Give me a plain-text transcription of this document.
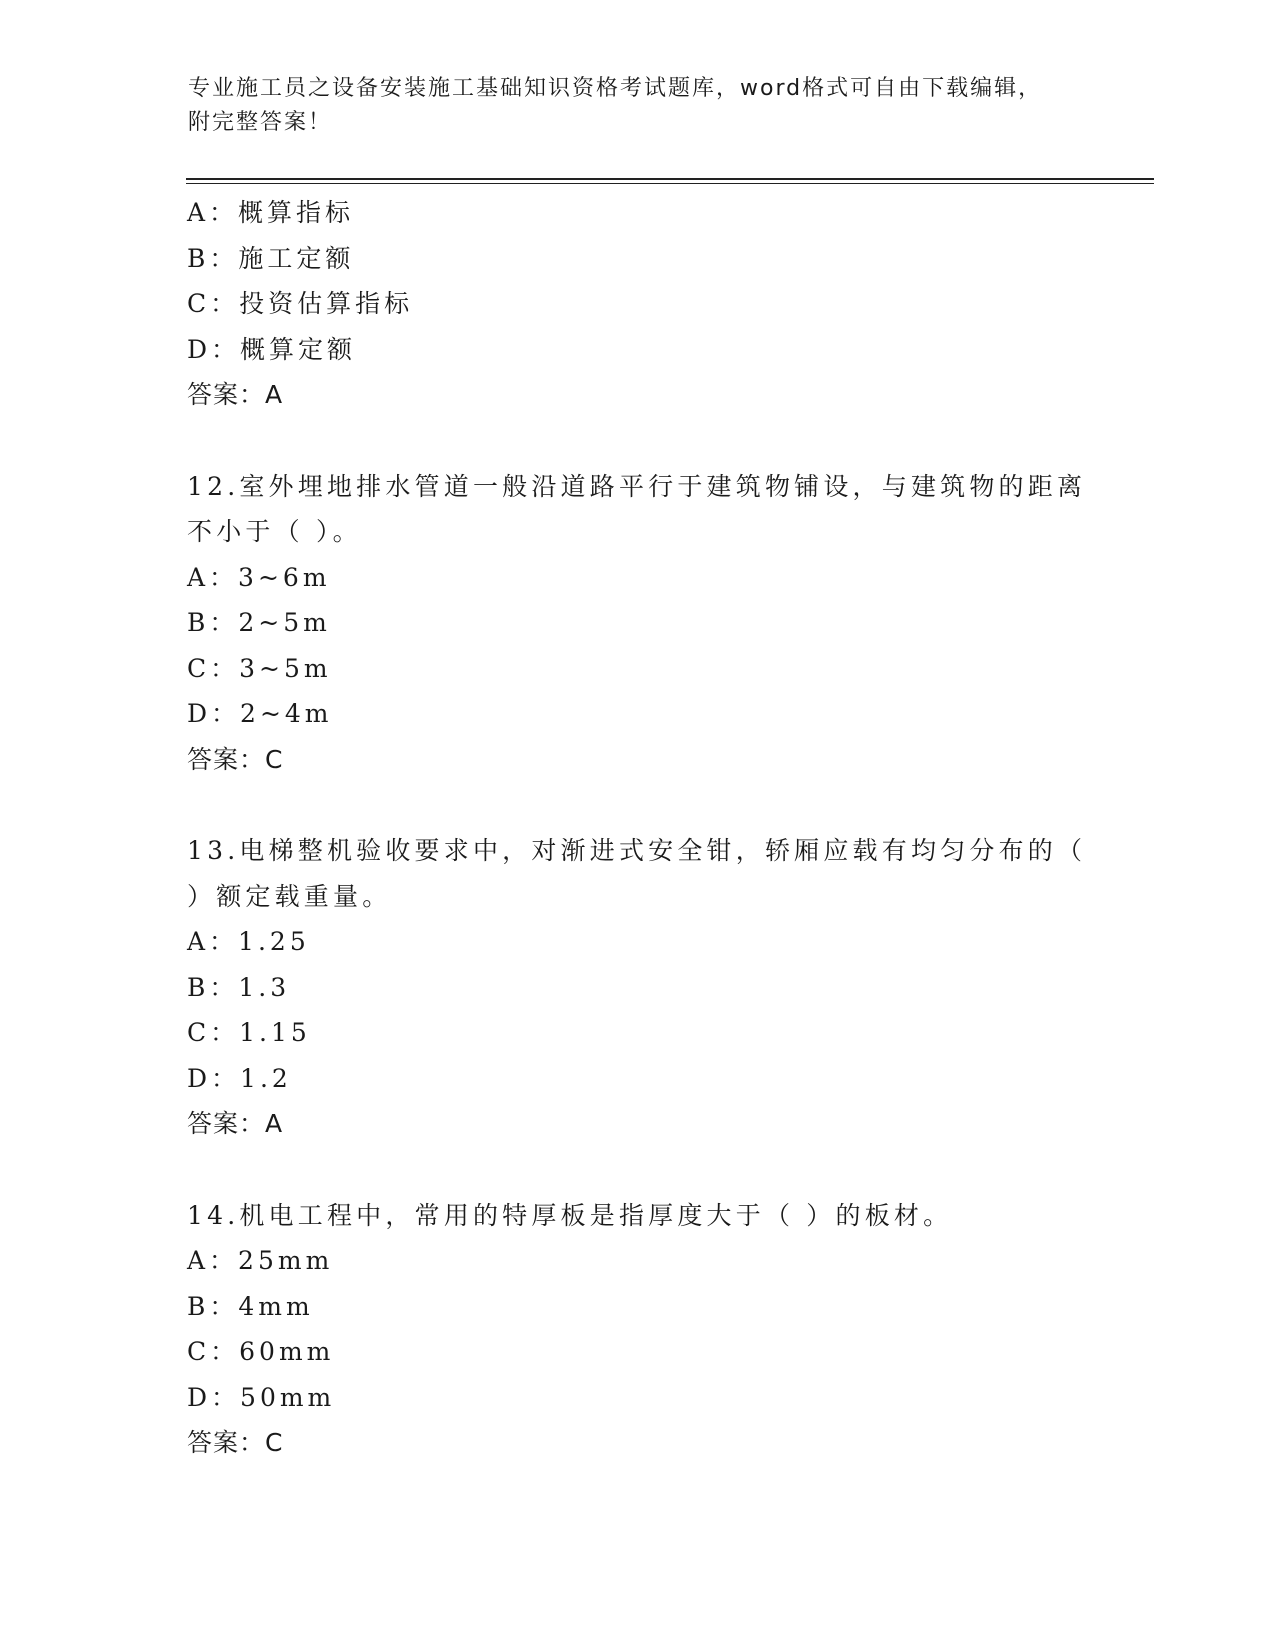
专业施工员之设备安装施工基础知识资格考试题库，word格式可自由下载编辑，
附完整答案！
A：概算指标
B：施工定额
C：投资估算指标
D：概算定额
答案：A
12.室外埋地排水管道一般沿道路平行于建筑物铺设，与建筑物的距离
不小于（ ）。
A：3~6m
B：2~5m
C：3~5m
D：2~4m
答案：C
13.电梯整机验收要求中，对渐进式安全钳，轿厢应载有均匀分布的（
）额定载重量。
A：1.25
B：1.3
C：1.15
D：1.2
答案：A
14.机电工程中，常用的特厚板是指厚度大于（ ）的板材。
A：25mm
B：4mm
C：60mm
D：50mm
答案：C
